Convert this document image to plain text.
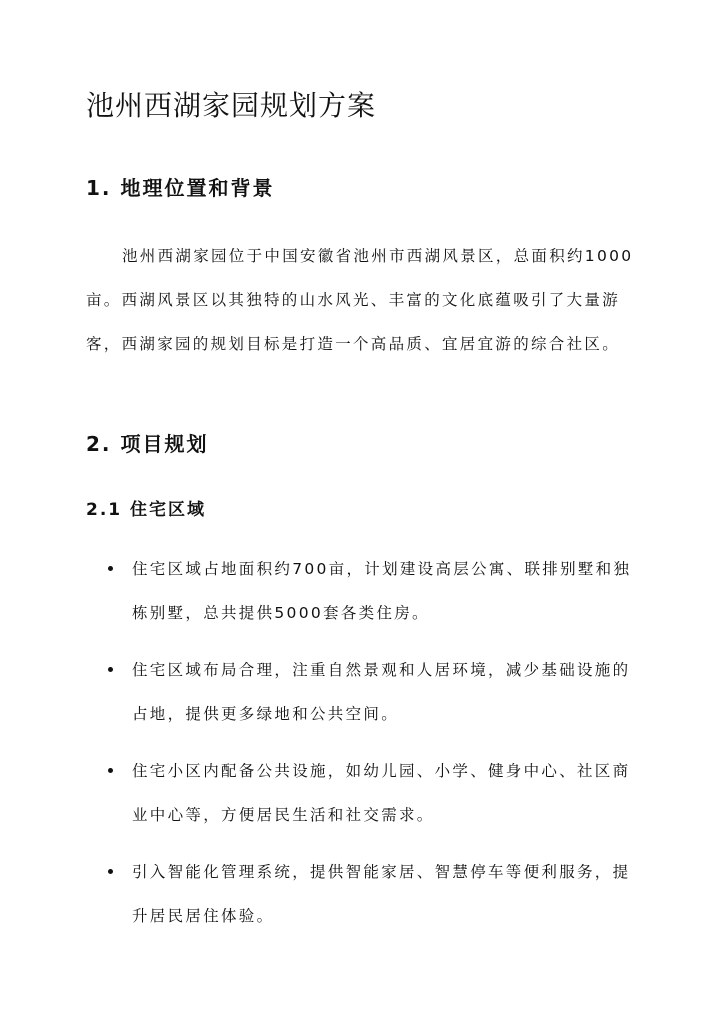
池州西湖家园规划方案
1. 地理位置和背景

池州西湖家园位于中国安徽省池州市西湖风景区，总面积约1000亩。西湖风景区以其独特的山水风光、丰富的文化底蕴吸引了大量游客，西湖家园的规划目标是打造一个高品质、宜居宜游的综合社区。

2. 项目规划
2.1 住宅区域
住宅区域占地面积约700亩，计划建设高层公寓、联排别墅和独栋别墅，总共提供5000套各类住房。
住宅区域布局合理，注重自然景观和人居环境，减少基础设施的占地，提供更多绿地和公共空间。
住宅小区内配备公共设施，如幼儿园、小学、健身中心、社区商业中心等，方便居民生活和社交需求。
引入智能化管理系统，提供智能家居、智慧停车等便利服务，提升居民居住体验。
